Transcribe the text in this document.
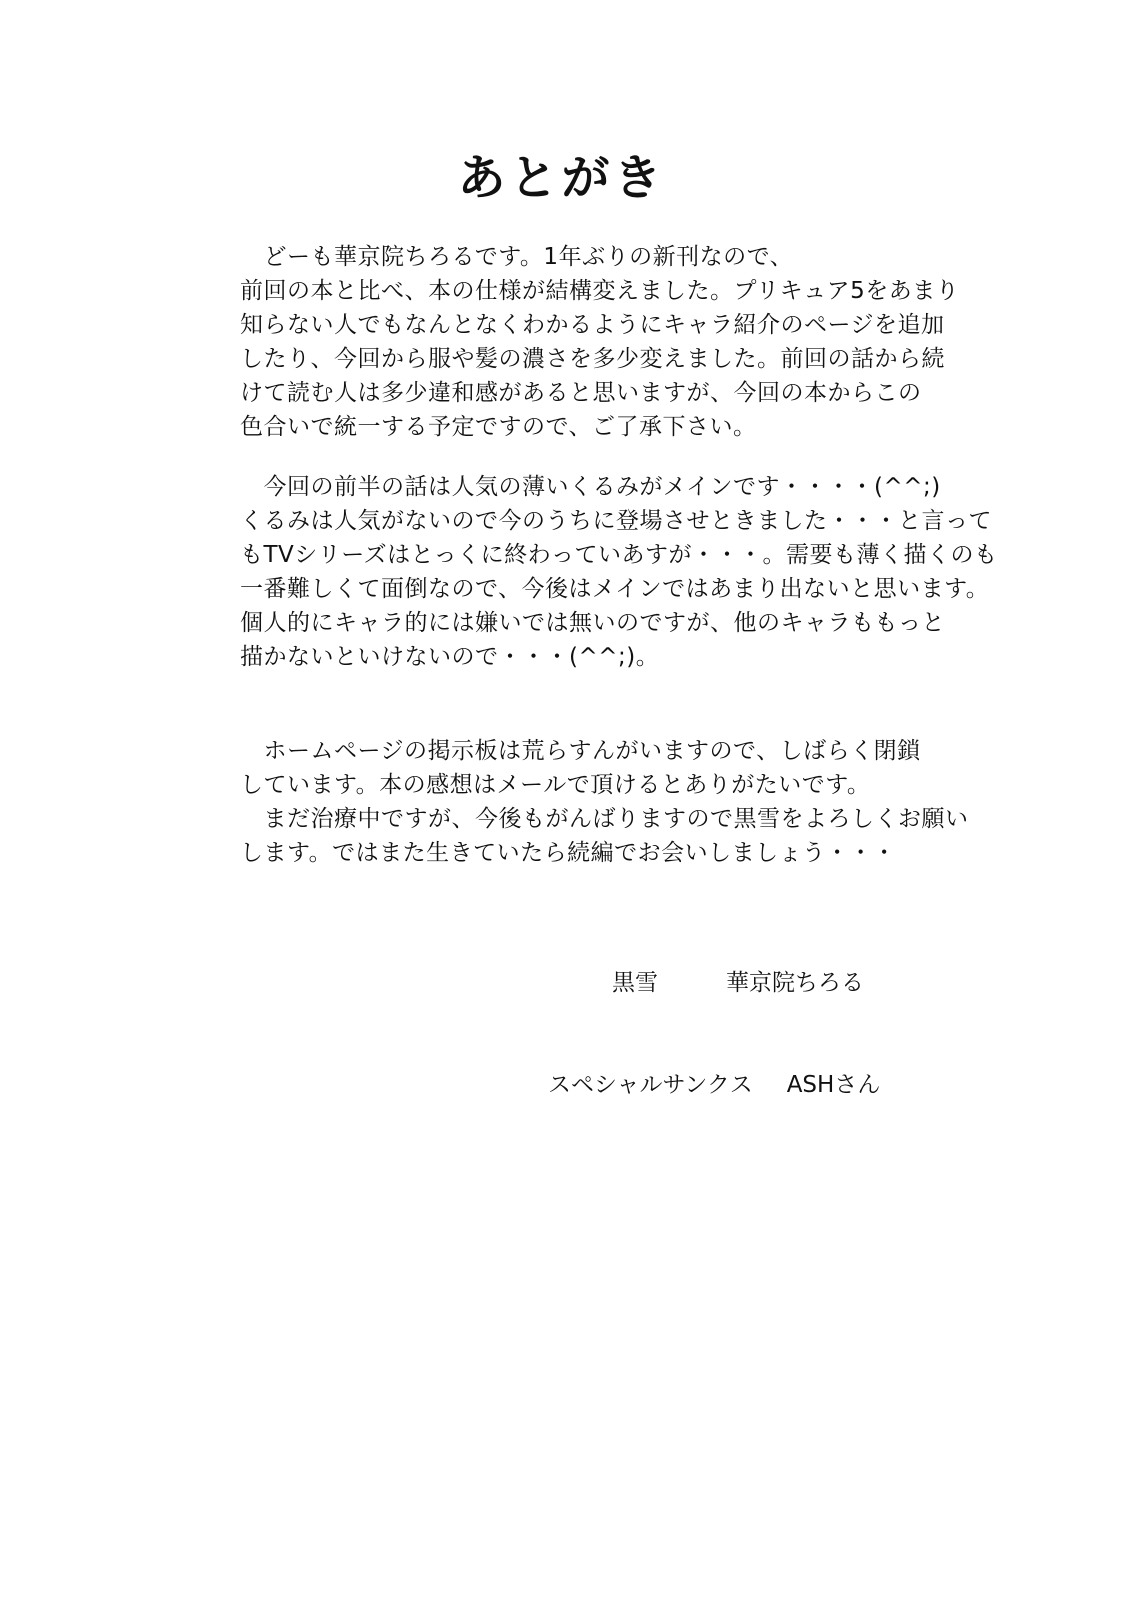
あとがき
　どーも華京院ちろるです。1年ぶりの新刊なので、
前回の本と比べ、本の仕様が結構変えました。プリキュア5をあまり
知らない人でもなんとなくわかるようにキャラ紹介のページを追加
したり、今回から服や髪の濃さを多少変えました。前回の話から続
けて読む人は多少違和感があると思いますが、今回の本からこの
色合いで統一する予定ですので、ご了承下さい。
　今回の前半の話は人気の薄いくるみがメインです・・・・(^^;)
くるみは人気がないので今のうちに登場させときました・・・と言って
もTVシリーズはとっくに終わっていあすが・・・。需要も薄く描くのも
一番難しくて面倒なので、今後はメインではあまり出ないと思います。
個人的にキャラ的には嫌いでは無いのですが、他のキャラももっと
描かないといけないので・・・(^^;)。
　ホームページの掲示板は荒らすんがいますので、しばらく閉鎖
しています。本の感想はメールで頂けるとありがたいです。
　まだ治療中ですが、今後もがんばりますので黒雪をよろしくお願い
します。ではまた生きていたら続編でお会いしましょう・・・
黒雪	華京院ちろる
スペシャルサンクス ASHさん
